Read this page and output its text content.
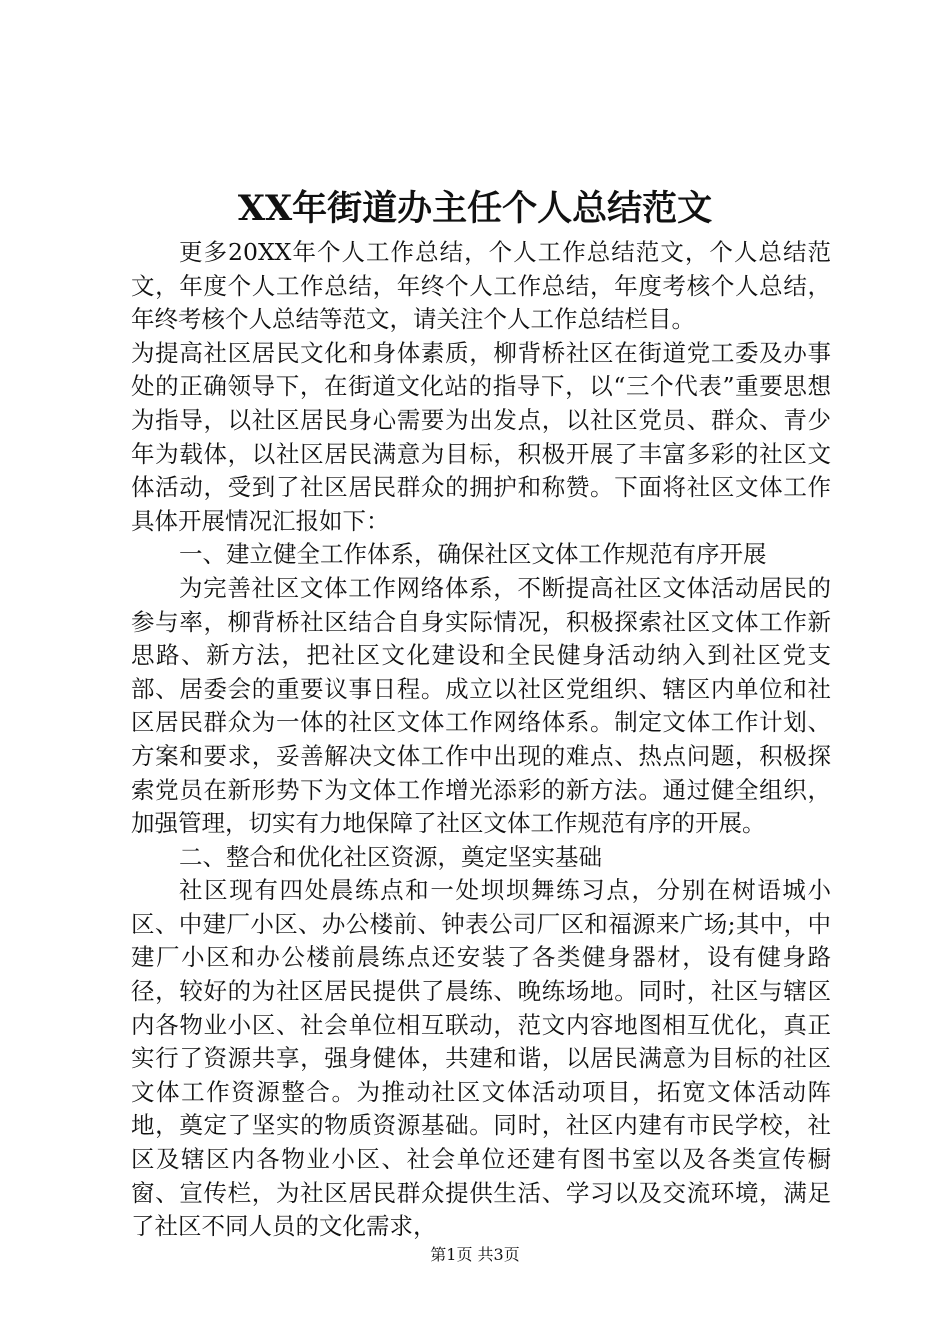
XX年街道办主任个人总结范文

更多20XX年个人工作总结，个人工作总结范文，个人总结范文，年度个人工作总结，年终个人工作总结，年度考核个人总结，年终考核个人总结等范文，请关注个人工作总结栏目。

为提高社区居民文化和身体素质，柳背桥社区在街道党工委及办事处的正确领导下，在街道文化站的指导下，以“三个代表”重要思想为指导，以社区居民身心需要为出发点，以社区党员、群众、青少年为载体，以社区居民满意为目标，积极开展了丰富多彩的社区文体活动，受到了社区居民群众的拥护和称赞。下面将社区文体工作具体开展情况汇报如下：

一、建立健全工作体系，确保社区文体工作规范有序开展

为完善社区文体工作网络体系，不断提高社区文体活动居民的参与率，柳背桥社区结合自身实际情况，积极探索社区文体工作新思路、新方法，把社区文化建设和全民健身活动纳入到社区党支部、居委会的重要议事日程。成立以社区党组织、辖区内单位和社区居民群众为一体的社区文体工作网络体系。制定文体工作计划、方案和要求，妥善解决文体工作中出现的难点、热点问题，积极探索党员在新形势下为文体工作增光添彩的新方法。通过健全组织，加强管理，切实有力地保障了社区文体工作规范有序的开展。

二、整合和优化社区资源，奠定坚实基础

社区现有四处晨练点和一处坝坝舞练习点，分别在树语城小区、中建厂小区、办公楼前、钟表公司厂区和福源来广场;其中，中建厂小区和办公楼前晨练点还安装了各类健身器材，设有健身路径，较好的为社区居民提供了晨练、晚练场地。同时，社区与辖区内各物业小区、社会单位相互联动，范文内容地图相互优化，真正实行了资源共享，强身健体，共建和谐，以居民满意为目标的社区文体工作资源整合。为推动社区文体活动项目，拓宽文体活动阵地，奠定了坚实的物质资源基础。同时，社区内建有市民学校，社区及辖区内各物业小区、社会单位还建有图书室以及各类宣传橱窗、宣传栏，为社区居民群众提供生活、学习以及交流环境，满足了社区不同人员的文化需求，

第1页 共3页
